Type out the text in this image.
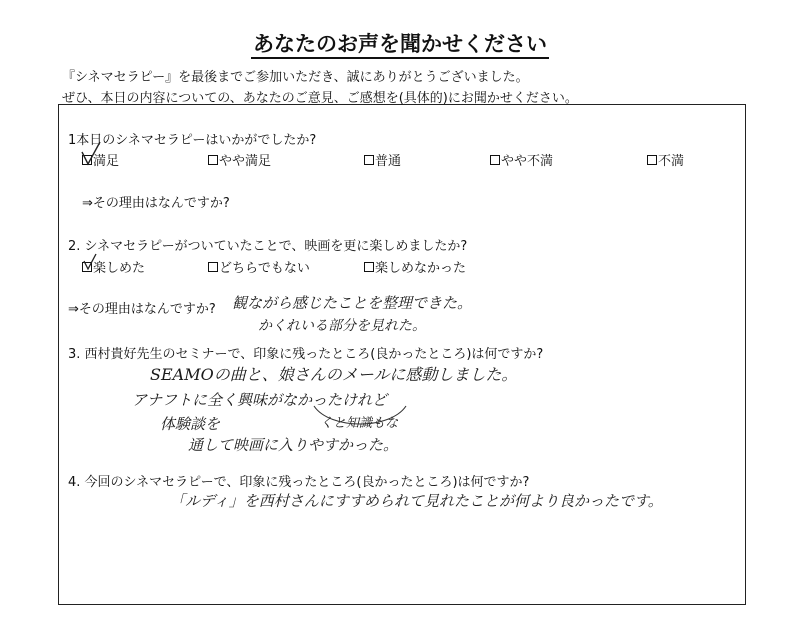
あなたのお声を聞かせください
『シネマセラピー』を最後までご参加いただき、誠にありがとうございました。
ぜひ、本日の内容についての、あなたのご意見、ご感想を(具体的)にお聞かせください。
1本日のシネマセラピーはいかがでしたか?
満足	やや満足	普通	やや不満	不満
⇒その理由はなんですか?
2. シネマセラピーがついていたことで、映画を更に楽しめましたか?
楽しめた	どちらでもない	楽しめなかった
⇒その理由はなんですか? 観ながら感じたことを整理できた。
かくれいる部分を見れた。
3. 西村貴好先生のセミナーで、印象に残ったところ(良かったところ)は何ですか?
SEAMOの曲と、娘さんのメールに感動しました。
アナフトに全く興味がなかったけれど
くと知識もな
体験談を
通して映画に入りやすかった。
4. 今回のシネマセラピーで、印象に残ったところ(良かったところ)は何ですか?
「ルディ」を西村さんにすすめられて見れたことが何より良かったです。
